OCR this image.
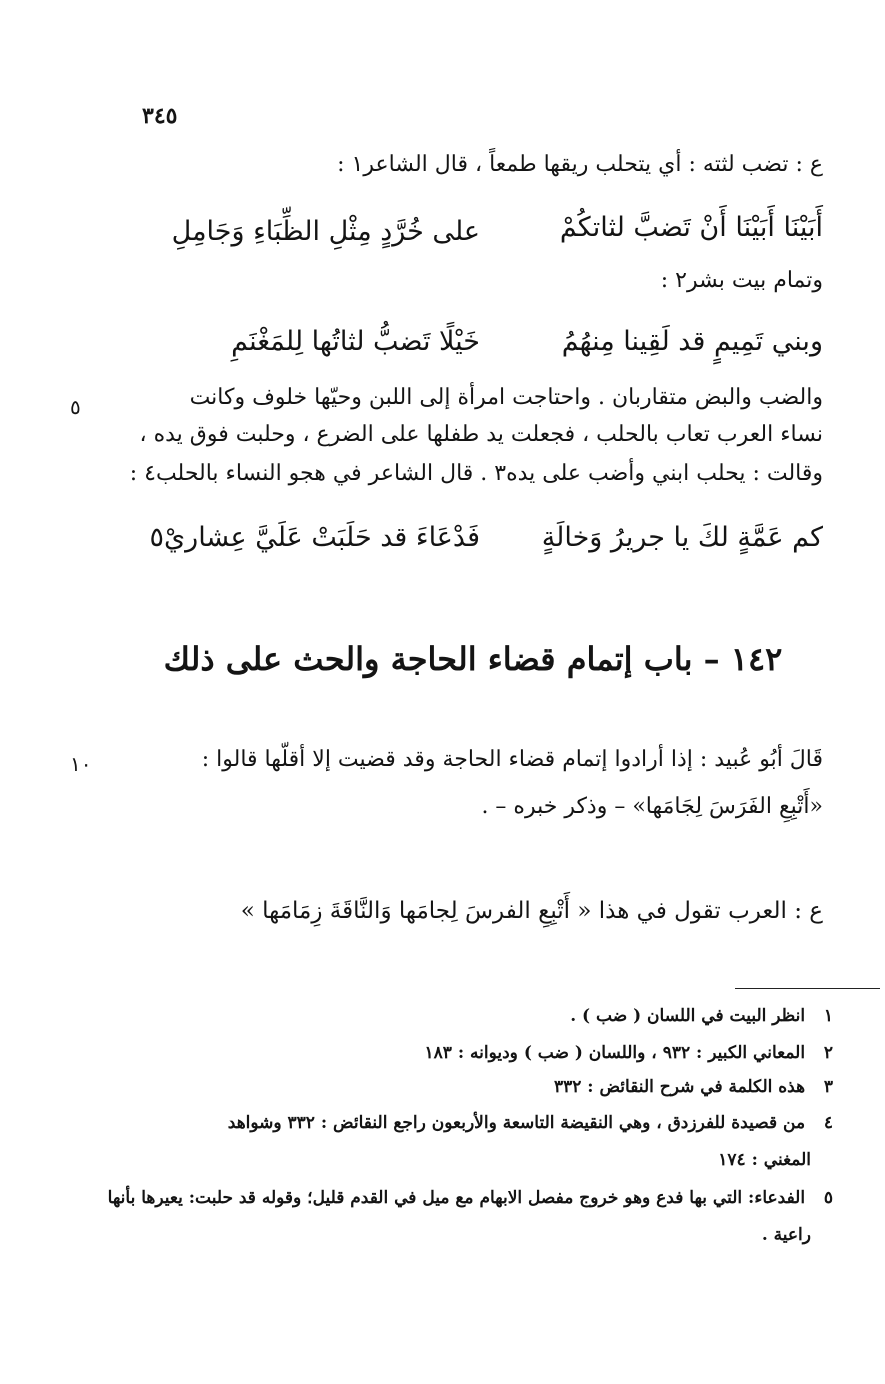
٣٤٥
ع : تضب لثته : أي يتحلب ريقها طمعاً ، قال الشاعر١ :
أَبَيْنَا أَبَيْنَا أَنْ تَضبَّ لثاتكُمْ
على خُرَّدٍ مِثْلِ الظِّبَاءِ وَجَامِلِ
وتمام بيت بشر٢ :
وبني تَمِيمٍ قد لَقِينا مِنهُمُ
خَيْلًا تَضبُّ لثاتُها لِلمَغْنَمِ
٥	والضب والبض متقاربان . واحتاجت امرأة إلى اللبن وحيّها خلوف وكانت
نساء العرب تعاب بالحلب ، فجعلت يد طفلها على الضرع ، وحلبت فوق يده ،
وقالت : يحلب ابني وأضب على يده٣ . قال الشاعر في هجو النساء بالحلب٤ :
كم عَمَّةٍ لكَ يا جريرُ وَخالَةٍ
فَدْعَاءَ قد حَلَبَتْ عَلَيَّ عِشاريْ٥
١٤٢ – باب إتمام قضاء الحاجة والحث على ذلك
١٠	قَالَ أبُو عُبيد : إذا أرادوا إتمام قضاء الحاجة وقد قضيت إلا أقلّها قالوا :
«أَتْبِعِ الفَرَسَ لِجَامَها» – وذكر خبره – .
ع : العرب تقول في هذا « أَتْبِعِ الفرسَ لِجامَها وَالنَّاقَةَ زِمَامَها »
١ انظر البيت في اللسان ( ضب ) .
٢ المعاني الكبير : ٩٣٢ ، واللسان ( ضب ) وديوانه : ١٨٣
٣ هذه الكلمة في شرح النقائض : ٣٣٢
٤ من قصيدة للفرزدق ، وهي النقيضة التاسعة والأربعون راجع النقائض : ٣٣٢ وشواهد
المغني : ١٧٤
٥ الفدعاء: التي بها فدع وهو خروج مفصل الابهام مع ميل في القدم قليل؛ وقوله قد حلبت: يعيرها بأنها
راعية .
